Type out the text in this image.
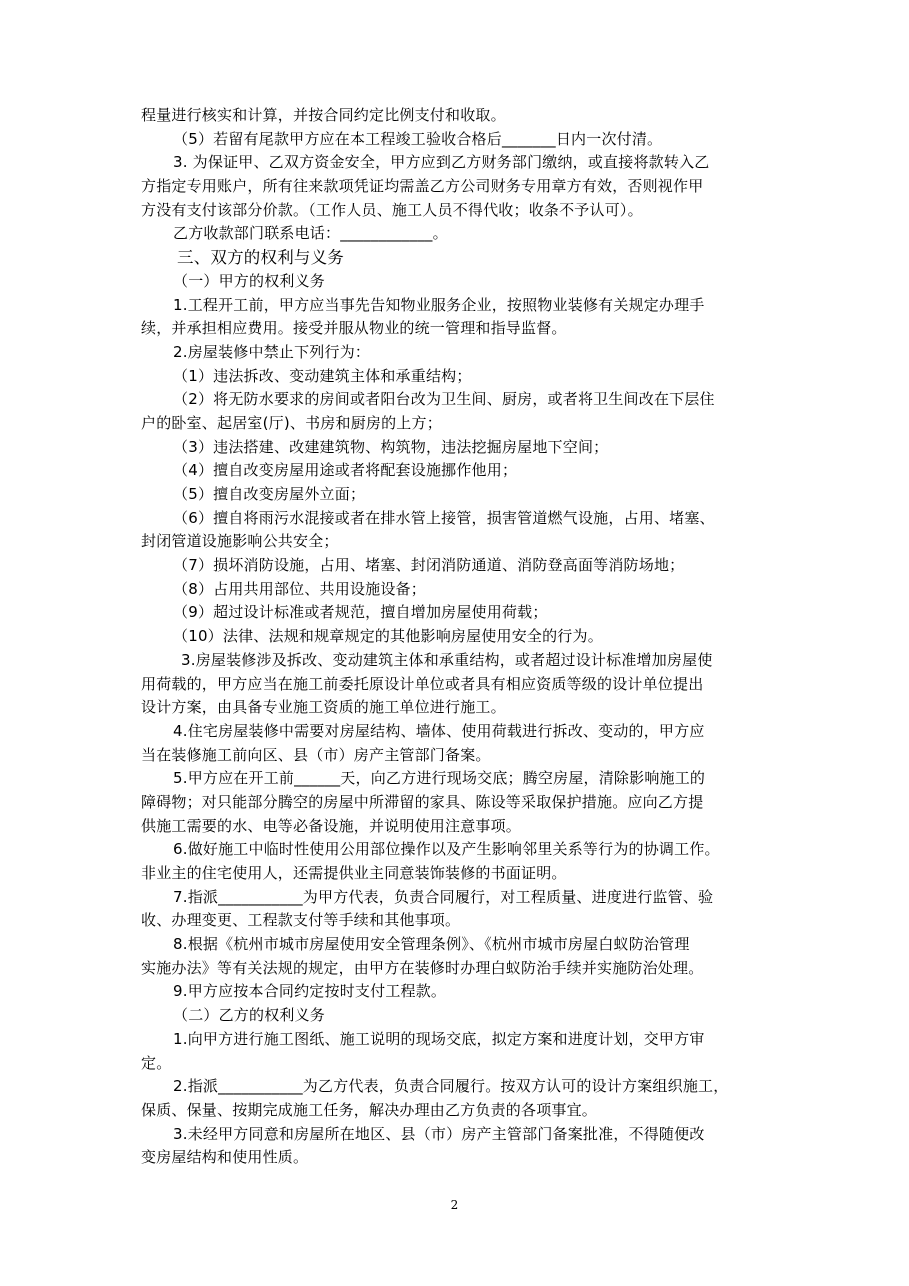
程量进行核实和计算，并按合同约定比例支付和收取。
（5）若留有尾款甲方应在本工程竣工验收合格后_______日内一次付清。
3. 为保证甲、乙双方资金安全，甲方应到乙方财务部门缴纳，或直接将款转入乙
方指定专用账户，所有往来款项凭证均需盖乙方公司财务专用章方有效，否则视作甲
方没有支付该部分价款。（工作人员、施工人员不得代收；收条不予认可）。
乙方收款部门联系电话：____________。
三、双方的权利与义务
（一）甲方的权利义务
1.工程开工前，甲方应当事先告知物业服务企业，按照物业装修有关规定办理手
续，并承担相应费用。接受并服从物业的统一管理和指导监督。
2.房屋装修中禁止下列行为：
（1）违法拆改、变动建筑主体和承重结构；
（2）将无防水要求的房间或者阳台改为卫生间、厨房，或者将卫生间改在下层住
户的卧室、起居室(厅)、书房和厨房的上方；
（3）违法搭建、改建建筑物、构筑物，违法挖掘房屋地下空间；
（4）擅自改变房屋用途或者将配套设施挪作他用；
（5）擅自改变房屋外立面；
（6）擅自将雨污水混接或者在排水管上接管，损害管道燃气设施，占用、堵塞、
封闭管道设施影响公共安全；
（7）损坏消防设施，占用、堵塞、封闭消防通道、消防登高面等消防场地；
（8）占用共用部位、共用设施设备；
（9）超过设计标准或者规范，擅自增加房屋使用荷载；
（10）法律、法规和规章规定的其他影响房屋使用安全的行为。
3.房屋装修涉及拆改、变动建筑主体和承重结构，或者超过设计标准增加房屋使
用荷载的，甲方应当在施工前委托原设计单位或者具有相应资质等级的设计单位提出
设计方案，由具备专业施工资质的施工单位进行施工。
4.住宅房屋装修中需要对房屋结构、墙体、使用荷载进行拆改、变动的，甲方应
当在装修施工前向区、县（市）房产主管部门备案。
5.甲方应在开工前______天，向乙方进行现场交底；腾空房屋，清除影响施工的
障碍物；对只能部分腾空的房屋中所滞留的家具、陈设等采取保护措施。应向乙方提
供施工需要的水、电等必备设施，并说明使用注意事项。
6.做好施工中临时性使用公用部位操作以及产生影响邻里关系等行为的协调工作。
非业主的住宅使用人，还需提供业主同意装饰装修的书面证明。
7.指派___________为甲方代表，负责合同履行，对工程质量、进度进行监管、验
收、办理变更、工程款支付等手续和其他事项。
8.根据《杭州市城市房屋使用安全管理条例》、《杭州市城市房屋白蚁防治管理
实施办法》等有关法规的规定，由甲方在装修时办理白蚁防治手续并实施防治处理。
9.甲方应按本合同约定按时支付工程款。
（二）乙方的权利义务
1.向甲方进行施工图纸、施工说明的现场交底，拟定方案和进度计划，交甲方审
定。
2.指派___________为乙方代表，负责合同履行。按双方认可的设计方案组织施工，
保质、保量、按期完成施工任务，解决办理由乙方负责的各项事宜。
3.未经甲方同意和房屋所在地区、县（市）房产主管部门备案批准，不得随便改
变房屋结构和使用性质。
2
